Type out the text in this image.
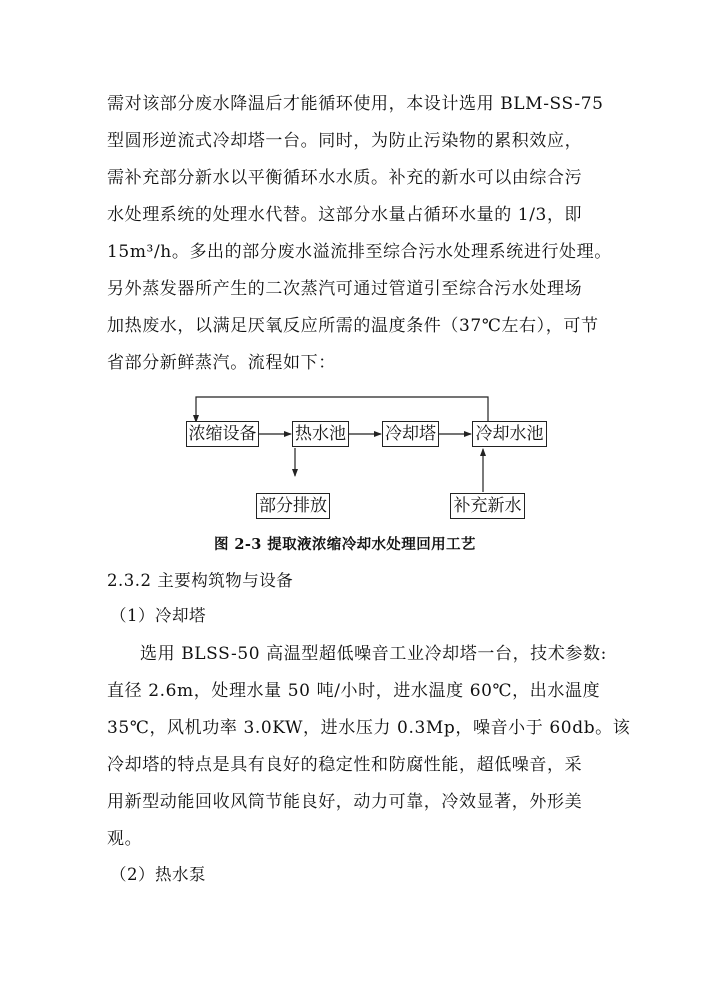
需对该部分废水降温后才能循环使用，本设计选用 BLM-SS-75
型圆形逆流式冷却塔一台。同时，为防止污染物的累积效应，
需补充部分新水以平衡循环水水质。补充的新水可以由综合污
水处理系统的处理水代替。这部分水量占循环水量的 1/3，即
15m³/h。多出的部分废水溢流排至综合污水处理系统进行处理。
另外蒸发器所产生的二次蒸汽可通过管道引至综合污水处理场
加热废水，以满足厌氧反应所需的温度条件（37℃左右），可节
省部分新鲜蒸汽。流程如下：
浓缩设备 热水池 冷却塔 冷却水池
部分排放	补充新水
图 2-3 提取液浓缩冷却水处理回用工艺
2.3.2 主要构筑物与设备
（1）冷却塔
选用 BLSS-50 高温型超低噪音工业冷却塔一台，技术参数:
直径 2.6m，处理水量 50 吨/小时，进水温度 60℃，出水温度
35℃，风机功率 3.0KW，进水压力 0.3Mp，噪音小于 60db。该
冷却塔的特点是具有良好的稳定性和防腐性能，超低噪音，采
用新型动能回收风筒节能良好，动力可靠，冷效显著，外形美
观。
（2）热水泵
